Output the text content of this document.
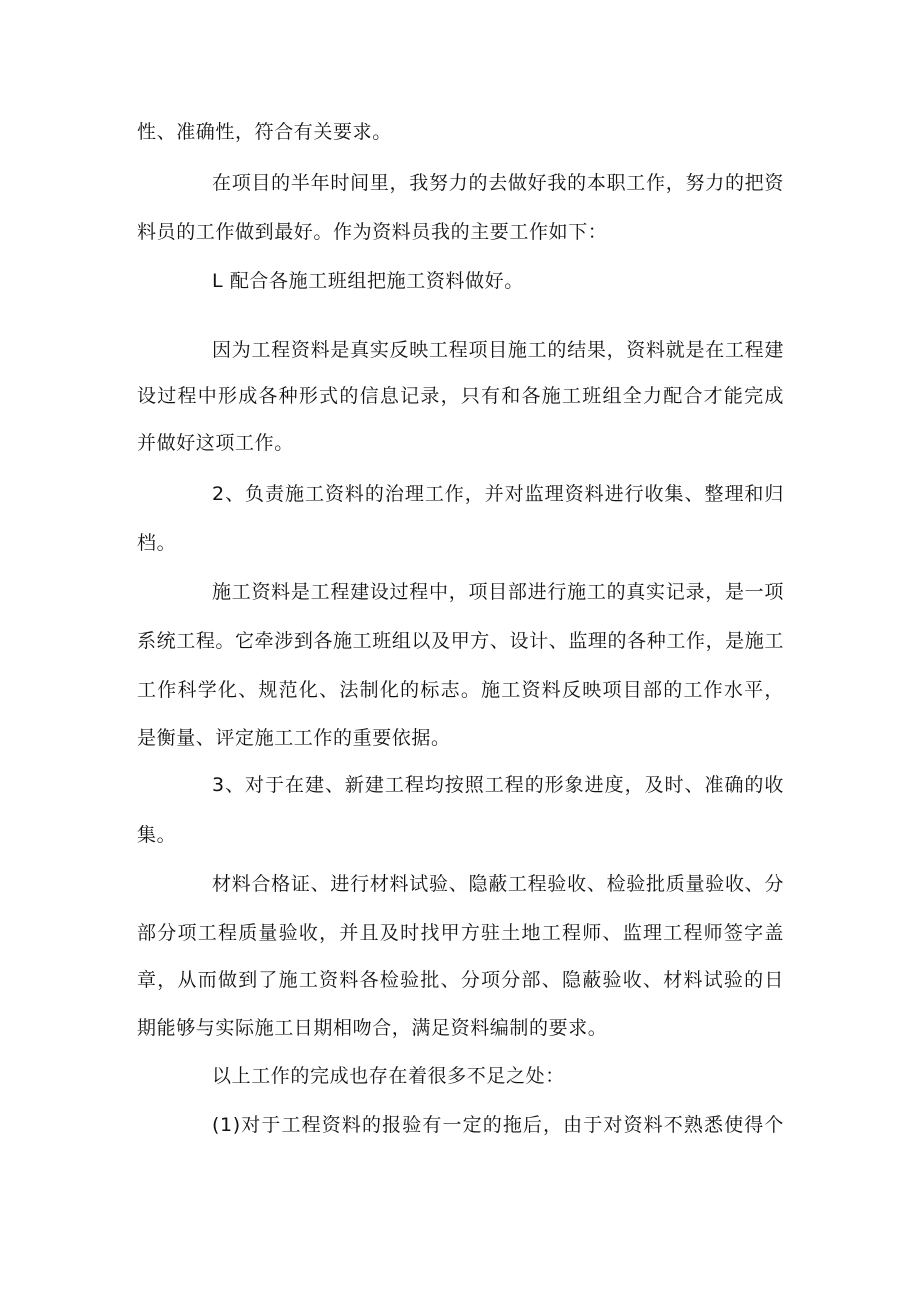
性、准确性，符合有关要求。
在项目的半年时间里，我努力的去做好我的本职工作，努力的把资
料员的工作做到最好。作为资料员我的主要工作如下：
L 配合各施工班组把施工资料做好。
因为工程资料是真实反映工程项目施工的结果，资料就是在工程建
设过程中形成各种形式的信息记录，只有和各施工班组全力配合才能完成
并做好这项工作。
2、负责施工资料的治理工作，并对监理资料进行收集、整理和归
档。
施工资料是工程建设过程中，项目部进行施工的真实记录，是一项
系统工程。它牵涉到各施工班组以及甲方、设计、监理的各种工作，是施工
工作科学化、规范化、法制化的标志。施工资料反映项目部的工作水平，
是衡量、评定施工工作的重要依据。
3、对于在建、新建工程均按照工程的形象进度，及时、准确的收
集。
材料合格证、进行材料试验、隐蔽工程验收、检验批质量验收、分
部分项工程质量验收，并且及时找甲方驻土地工程师、监理工程师签字盖
章，从而做到了施工资料各检验批、分项分部、隐蔽验收、材料试验的日
期能够与实际施工日期相吻合，满足资料编制的要求。
以上工作的完成也存在着很多不足之处：
(1)对于工程资料的报验有一定的拖后，由于对资料不熟悉使得个
